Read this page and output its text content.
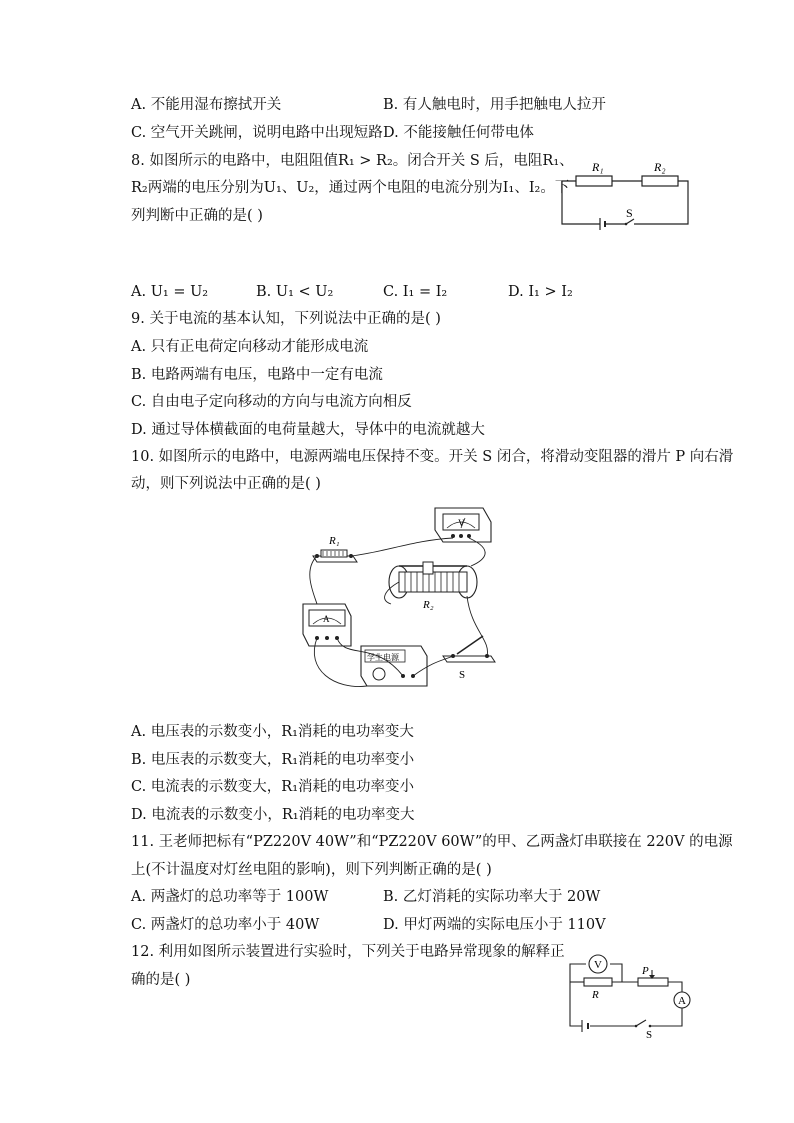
A. 不能用湿布擦拭开关	B. 有人触电时，用手把触电人拉开
C. 空气开关跳闸，说明电路中出现短路 D. 不能接触任何带电体
8. 如图所示的电路中，电阻阻值R₁ > R₂。闭合开关 S 后，电阻R₁、
R₂两端的电压分别为U₁、U₂，通过两个电阻的电流分别为I₁、I₂。下
列判断中正确的是( )
R₁	R₂
S
A. U₁ = U₂	B. U₁ < U₂	C. I₁ = I₂	D. I₁ > I₂
9. 关于电流的基本认知，下列说法中正确的是( )
A. 只有正电荷定向移动才能形成电流
B. 电路两端有电压，电路中一定有电流
C. 自由电子定向移动的方向与电流方向相反
D. 通过导体横截面的电荷量越大，导体中的电流就越大
10. 如图所示的电路中，电源两端电压保持不变。开关 S 闭合，将滑动变阻器的滑片 P 向右滑
动，则下列说法中正确的是( )
V
R₁
R₂
A
学生电源
S
A. 电压表的示数变小，R₁消耗的电功率变大
B. 电压表的示数变大，R₁消耗的电功率变小
C. 电流表的示数变大，R₁消耗的电功率变小
D. 电流表的示数变小，R₁消耗的电功率变大
11. 王老师把标有“PZ220V 40W”和“PZ220V 60W”的甲、乙两盏灯串联接在 220V 的电源
上(不计温度对灯丝电阻的影响)，则下列判断正确的是( )
A. 两盏灯的总功率等于 100W	B. 乙灯消耗的实际功率大于 20W
C. 两盏灯的总功率小于 40W	D. 甲灯两端的实际电压小于 110V
12. 利用如图所示装置进行实验时，下列关于电路异常现象的解释正
确的是( )
V
R
P
A
S
